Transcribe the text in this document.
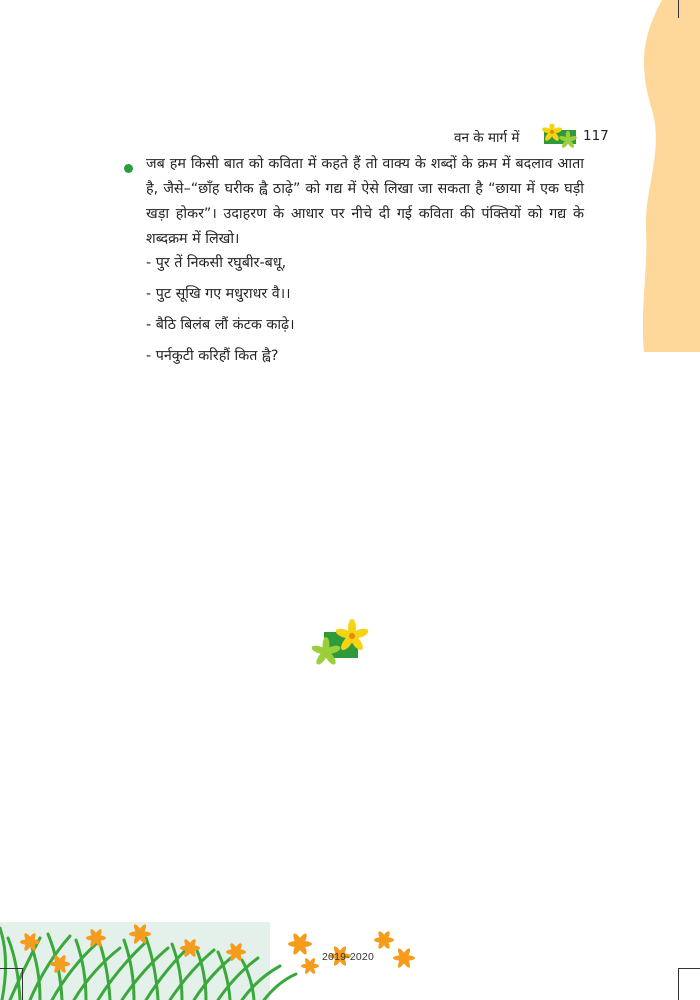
वन के मार्ग में	117
जब हम किसी बात को कविता में कहते हैं तो वाक्य के शब्दों के क्रम में बदलाव आता है, जैसे–“छाँह घरीक ह्वै ठाढ़े” को गद्य में ऐसे लिखा जा सकता है “छाया में एक घड़ी खड़ा होकर”। उदाहरण के आधार पर नीचे दी गई कविता की पंक्तियों को गद्य के शब्दक्रम में लिखो।
- पुर तें निकसी रघुबीर-बधू,
- पुट सूखि गए मधुराधर वै।।
- बैठि बिलंब लौं कंटक काढ़े।
- पर्नकुटी करिहौं कित ह्वै?
2019-2020
